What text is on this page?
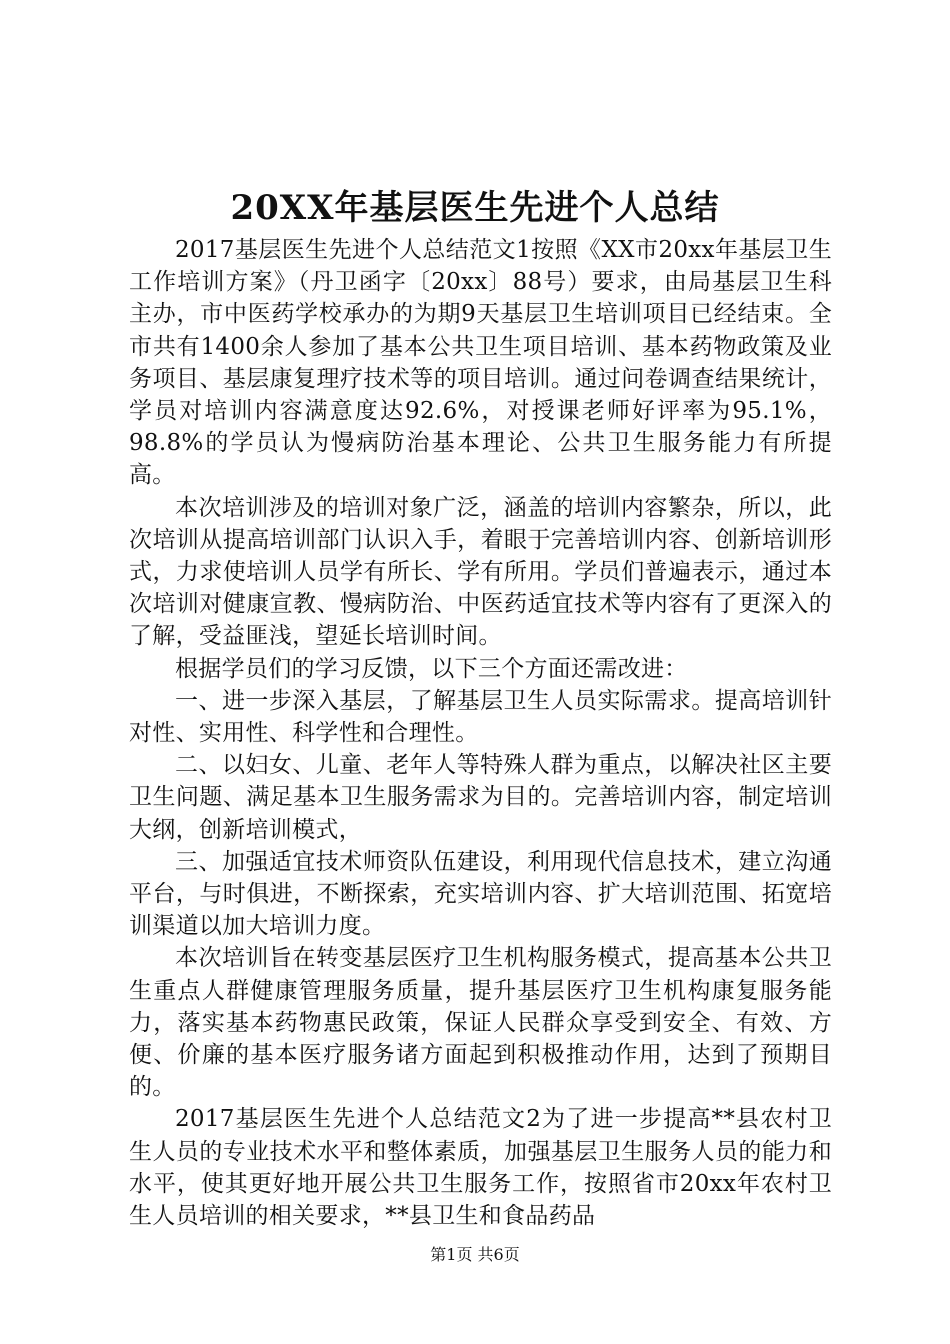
20XX年基层医生先进个人总结

2017基层医生先进个人总结范文1按照《XX市20xx年基层卫生工作培训方案》（丹卫函字〔20xx〕88号）要求，由局基层卫生科主办，市中医药学校承办的为期9天基层卫生培训项目已经结束。全市共有1400余人参加了基本公共卫生项目培训、基本药物政策及业务项目、基层康复理疗技术等的项目培训。通过问卷调查结果统计，学员对培训内容满意度达92.6%，对授课老师好评率为95.1%，98.8%的学员认为慢病防治基本理论、公共卫生服务能力有所提高。

本次培训涉及的培训对象广泛，涵盖的培训内容繁杂，所以，此次培训从提高培训部门认识入手，着眼于完善培训内容、创新培训形式，力求使培训人员学有所长、学有所用。学员们普遍表示，通过本次培训对健康宣教、慢病防治、中医药适宜技术等内容有了更深入的了解，受益匪浅，望延长培训时间。

根据学员们的学习反馈，以下三个方面还需改进：

一、进一步深入基层，了解基层卫生人员实际需求。提高培训针对性、实用性、科学性和合理性。

二、以妇女、儿童、老年人等特殊人群为重点，以解决社区主要卫生问题、满足基本卫生服务需求为目的。完善培训内容，制定培训大纲，创新培训模式，

三、加强适宜技术师资队伍建设，利用现代信息技术，建立沟通平台，与时俱进，不断探索，充实培训内容、扩大培训范围、拓宽培训渠道以加大培训力度。

本次培训旨在转变基层医疗卫生机构服务模式，提高基本公共卫生重点人群健康管理服务质量，提升基层医疗卫生机构康复服务能力，落实基本药物惠民政策，保证人民群众享受到安全、有效、方便、价廉的基本医疗服务诸方面起到积极推动作用，达到了预期目的。

2017基层医生先进个人总结范文2为了进一步提高**县农村卫生人员的专业技术水平和整体素质，加强基层卫生服务人员的能力和水平，使其更好地开展公共卫生服务工作，按照省市20xx年农村卫生人员培训的相关要求，**县卫生和食品药品

第1页 共6页
